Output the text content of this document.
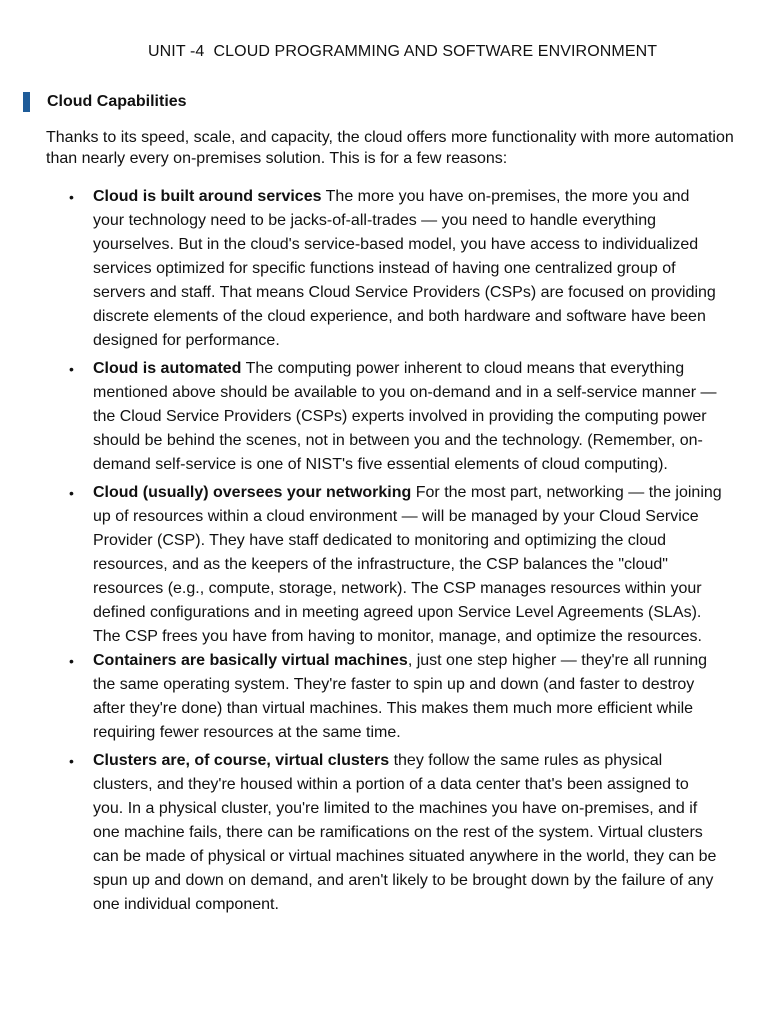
UNIT -4  CLOUD PROGRAMMING AND SOFTWARE ENVIRONMENT
Cloud Capabilities

Thanks to its speed, scale, and capacity, the cloud offers more functionality with more automation than nearly every on-premises solution. This is for a few reasons:

• Cloud is built around services The more you have on-premises, the more you and your technology need to be jacks-of-all-trades — you need to handle everything yourselves. But in the cloud's service-based model, you have access to individualized services optimized for specific functions instead of having one centralized group of servers and staff. That means Cloud Service Providers (CSPs) are focused on providing discrete elements of the cloud experience, and both hardware and software have been designed for performance.
• Cloud is automated The computing power inherent to cloud means that everything mentioned above should be available to you on-demand and in a self-service manner — the Cloud Service Providers (CSPs) experts involved in providing the computing power should be behind the scenes, not in between you and the technology. (Remember, on-demand self-service is one of NIST's five essential elements of cloud computing).
• Cloud (usually) oversees your networking For the most part, networking — the joining up of resources within a cloud environment — will be managed by your Cloud Service Provider (CSP). They have staff dedicated to monitoring and optimizing the cloud resources, and as the keepers of the infrastructure, the CSP balances the "cloud" resources (e.g., compute, storage, network). The CSP manages resources within your defined configurations and in meeting agreed upon Service Level Agreements (SLAs). The CSP frees you have from having to monitor, manage, and optimize the resources.
• Containers are basically virtual machines, just one step higher — they're all running the same operating system. They're faster to spin up and down (and faster to destroy after they're done) than virtual machines. This makes them much more efficient while requiring fewer resources at the same time.
• Clusters are, of course, virtual clusters they follow the same rules as physical clusters, and they're housed within a portion of a data center that's been assigned to you. In a physical cluster, you're limited to the machines you have on-premises, and if one machine fails, there can be ramifications on the rest of the system. Virtual clusters can be made of physical or virtual machines situated anywhere in the world, they can be spun up and down on demand, and aren't likely to be brought down by the failure of any one individual component.
